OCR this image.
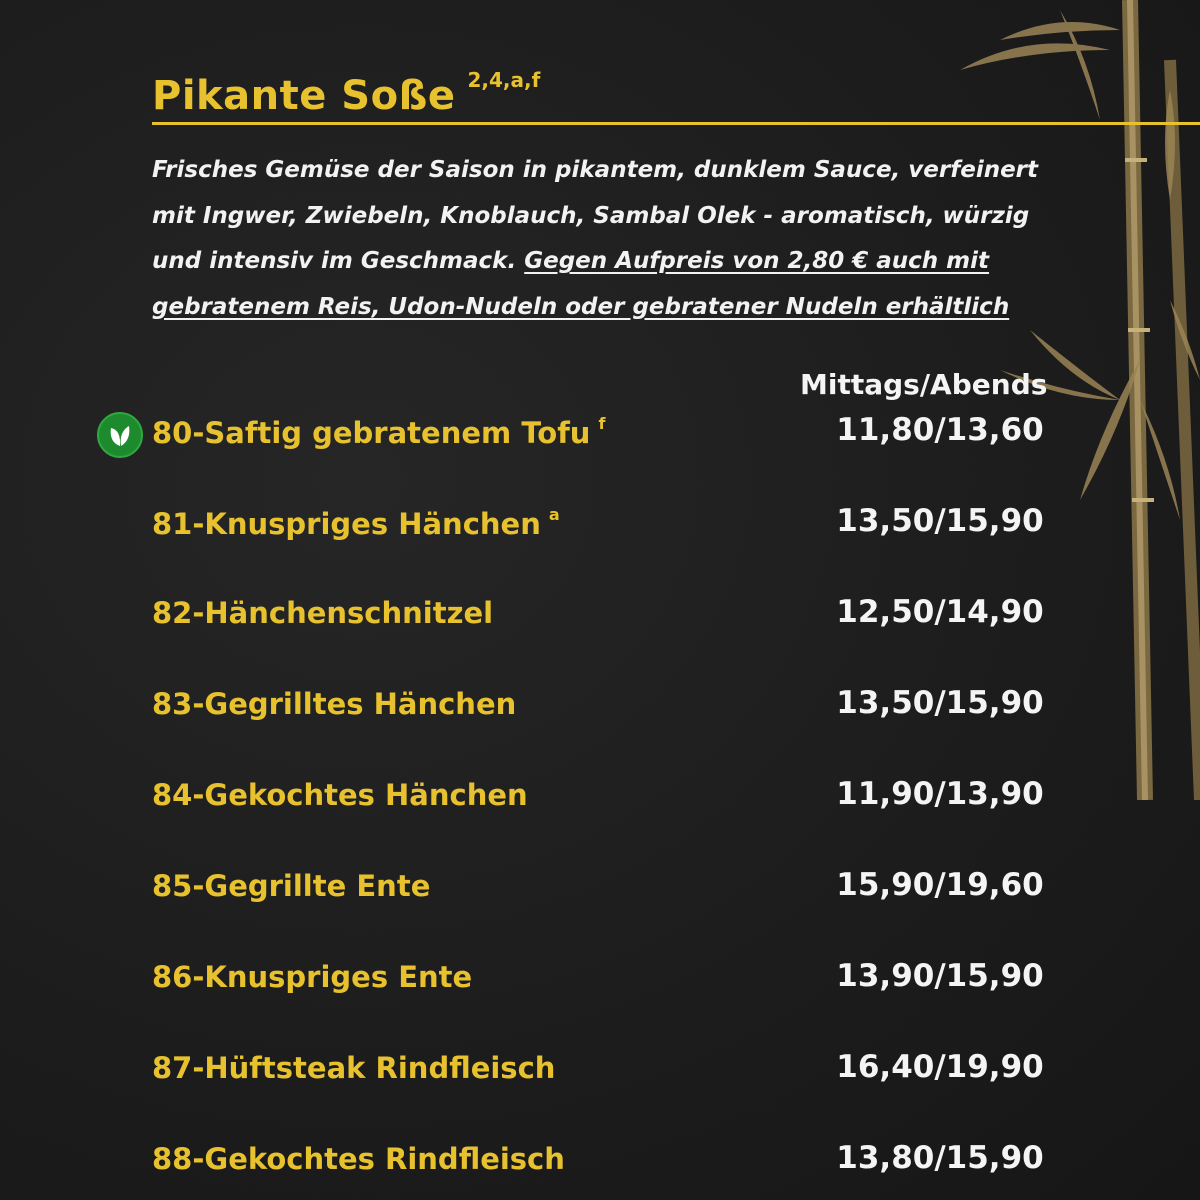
Pikante Soße 2,4,a,f
Frisches Gemüse der Saison in pikantem, dunklem Sauce, verfeinert mit Ingwer, Zwiebeln, Knoblauch, Sambal Olek - aromatisch, würzig und intensiv im Geschmack. Gegen Aufpreis von 2,80 € auch mit gebratenem Reis, Udon-Nudeln oder gebratener Nudeln erhältlich
Mittags/Abends
80-Saftig gebratenem Tofu $^f$	11,80/13,60
81-Knuspriges Hänchen $^a$	13,50/15,90
82-Hänchenschnitzel	12,50/14,90
83-Gegrilltes Hänchen	13,50/15,90
84-Gekochtes Hänchen	11,90/13,90
85-Gegrillte Ente	15,90/19,60
86-Knuspriges Ente	13,90/15,90
87-Hüftsteak Rindfleisch	16,40/19,90
88-Gekochtes Rindfleisch	13,80/15,90
